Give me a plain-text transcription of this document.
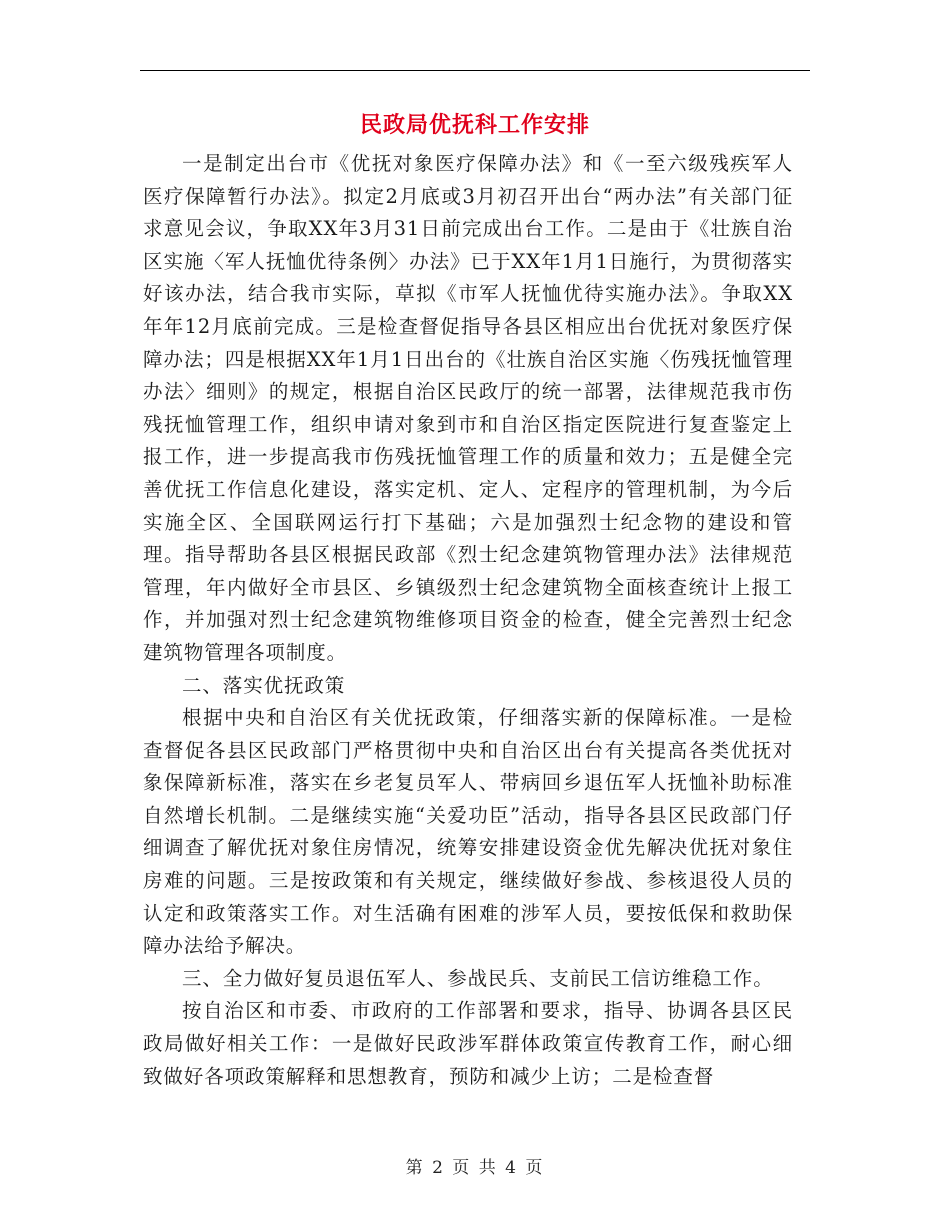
民政局优抚科工作安排

一是制定出台市《优抚对象医疗保障办法》和《一至六级残疾军人医疗保障暂行办法》。拟定2月底或3月初召开出台“两办法”有关部门征求意见会议，争取XX年3月31日前完成出台工作。二是由于《壮族自治区实施〈军人抚恤优待条例〉办法》已于XX年1月1日施行，为贯彻落实好该办法，结合我市实际，草拟《市军人抚恤优待实施办法》。争取XX年年12月底前完成。三是检查督促指导各县区相应出台优抚对象医疗保障办法；四是根据XX年1月1日出台的《壮族自治区实施〈伤残抚恤管理办法〉细则》的规定，根据自治区民政厅的统一部署，法律规范我市伤残抚恤管理工作，组织申请对象到市和自治区指定医院进行复查鉴定上报工作，进一步提高我市伤残抚恤管理工作的质量和效力；五是健全完善优抚工作信息化建设，落实定机、定人、定程序的管理机制，为今后实施全区、全国联网运行打下基础；六是加强烈士纪念物的建设和管理。指导帮助各县区根据民政部《烈士纪念建筑物管理办法》法律规范管理，年内做好全市县区、乡镇级烈士纪念建筑物全面核查统计上报工作，并加强对烈士纪念建筑物维修项目资金的检查，健全完善烈士纪念建筑物管理各项制度。

二、落实优抚政策

根据中央和自治区有关优抚政策，仔细落实新的保障标准。一是检查督促各县区民政部门严格贯彻中央和自治区出台有关提高各类优抚对象保障新标准，落实在乡老复员军人、带病回乡退伍军人抚恤补助标准自然增长机制。二是继续实施“关爱功臣”活动，指导各县区民政部门仔细调查了解优抚对象住房情况，统筹安排建设资金优先解决优抚对象住房难的问题。三是按政策和有关规定，继续做好参战、参核退役人员的认定和政策落实工作。对生活确有困难的涉军人员，要按低保和救助保障办法给予解决。

三、全力做好复员退伍军人、参战民兵、支前民工信访维稳工作。

按自治区和市委、市政府的工作部署和要求，指导、协调各县区民政局做好相关工作：一是做好民政涉军群体政策宣传教育工作，耐心细致做好各项政策解释和思想教育，预防和减少上访；二是检查督

第 2 页 共 4 页
